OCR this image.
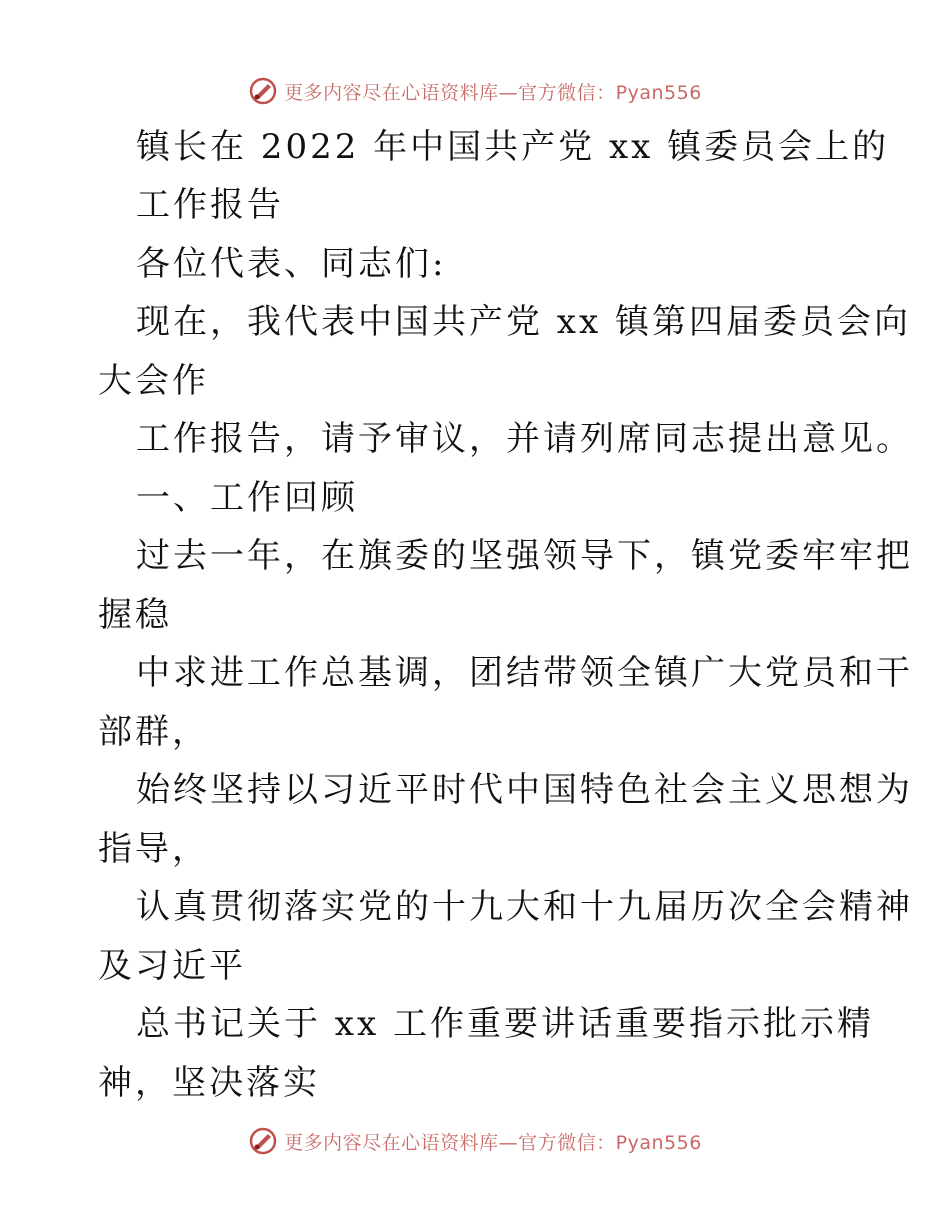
更多内容尽在心语资料库—官方微信：Pyan556
镇长在 2022 年中国共产党 xx 镇委员会上的
工作报告
各位代表、同志们:
现在，我代表中国共产党 xx 镇第四届委员会向
大会作
工作报告，请予审议，并请列席同志提出意见。
一、工作回顾
过去一年，在旗委的坚强领导下，镇党委牢牢把
握稳
中求进工作总基调，团结带领全镇广大党员和干
部群，
始终坚持以习近平时代中国特色社会主义思想为
指导，
认真贯彻落实党的十九大和十九届历次全会精神
及习近平
总书记关于 xx 工作重要讲话重要指示批示精
神，坚决落实
更多内容尽在心语资料库—官方微信：Pyan556
